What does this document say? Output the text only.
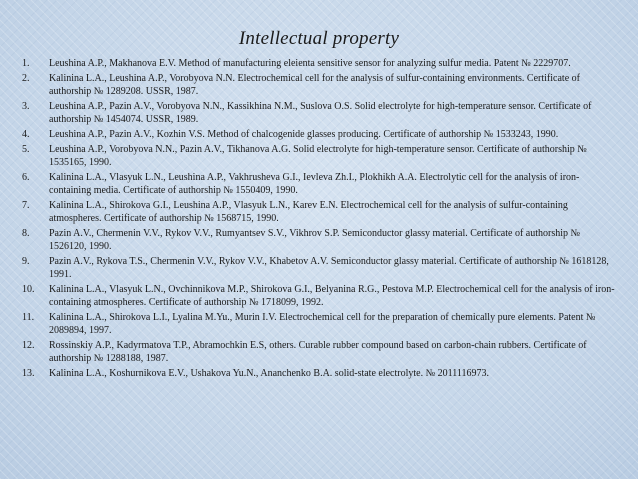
Intellectual property
1.	Leushina A.P., Makhanova E.V. Method of manufacturing eleienta sensitive sensor for analyzing sulfur media. Patent № 2229707.
2.	Kalinina L.A., Leushina A.P., Vorobyova N.N. Electrochemical cell for the analysis of sulfur-containing environments. Certificate of authorship № 1289208. USSR, 1987.
3.	Leushina A.P., Pazin A.V., Vorobyova N.N., Kassikhina N.M., Suslova O.S. Solid electrolyte for high-temperature sensor. Certificate of authorship № 1454074. USSR, 1989.
4.	Leushina A.P., Pazin A.V., Kozhin V.S. Method of chalcogenide glasses producing. Certificate of authorship № 1533243, 1990.
5.	Leushina A.P., Vorobyova N.N., Pazin A.V., Tikhanova A.G. Solid electrolyte for high-temperature sensor. Certificate of authorship № 1535165, 1990.
6.	Kalinina L.A., Vlasyuk L.N., Leushina A.P., Vakhrusheva G.I., Ievleva Zh.I., Plokhikh A.A. Electrolytic cell for the analysis of iron-containing media. Certificate of authorship № 1550409, 1990.
7.	Kalinina L.A., Shirokova G.I., Leushina A.P., Vlasyuk L.N., Karev E.N. Electrochemical cell for the analysis of sulfur-containing atmospheres. Certificate of authorship № 1568715, 1990.
8.	Pazin A.V., Chermenin V.V., Rykov V.V., Rumyantsev S.V., Vikhrov S.P. Semiconductor glassy material. Certificate of authorship № 1526120, 1990.
9.	Pazin A.V., Rykova T.S., Chermenin V.V., Rykov V.V., Khabetov A.V. Semiconductor glassy material. Certificate of authorship № 1618128, 1991.
10.	Kalinina L.A., Vlasyuk L.N., Ovchinnikova M.P., Shirokova G.I., Belyanina R.G., Pestova M.P. Electrochemical cell for the analysis of iron-containing atmospheres. Certificate of authorship № 1718099, 1992.
11.	Kalinina L.A., Shirokova L.I., Lyalina M.Yu., Murin I.V. Electrochemical cell for the preparation of chemically pure elements. Patent № 2089894, 1997.
12.	Rossinskiy A.P., Kadyrmatova T.P., Abramochkin E.S, others. Curable rubber compound based on carbon-chain rubbers. Certificate of authorship № 1288188, 1987.
13.	Kalinina L.A., Koshurnikova E.V., Ushakova Yu.N., Ananchenko B.A. solid-state electrolyte. № 2011116973.
